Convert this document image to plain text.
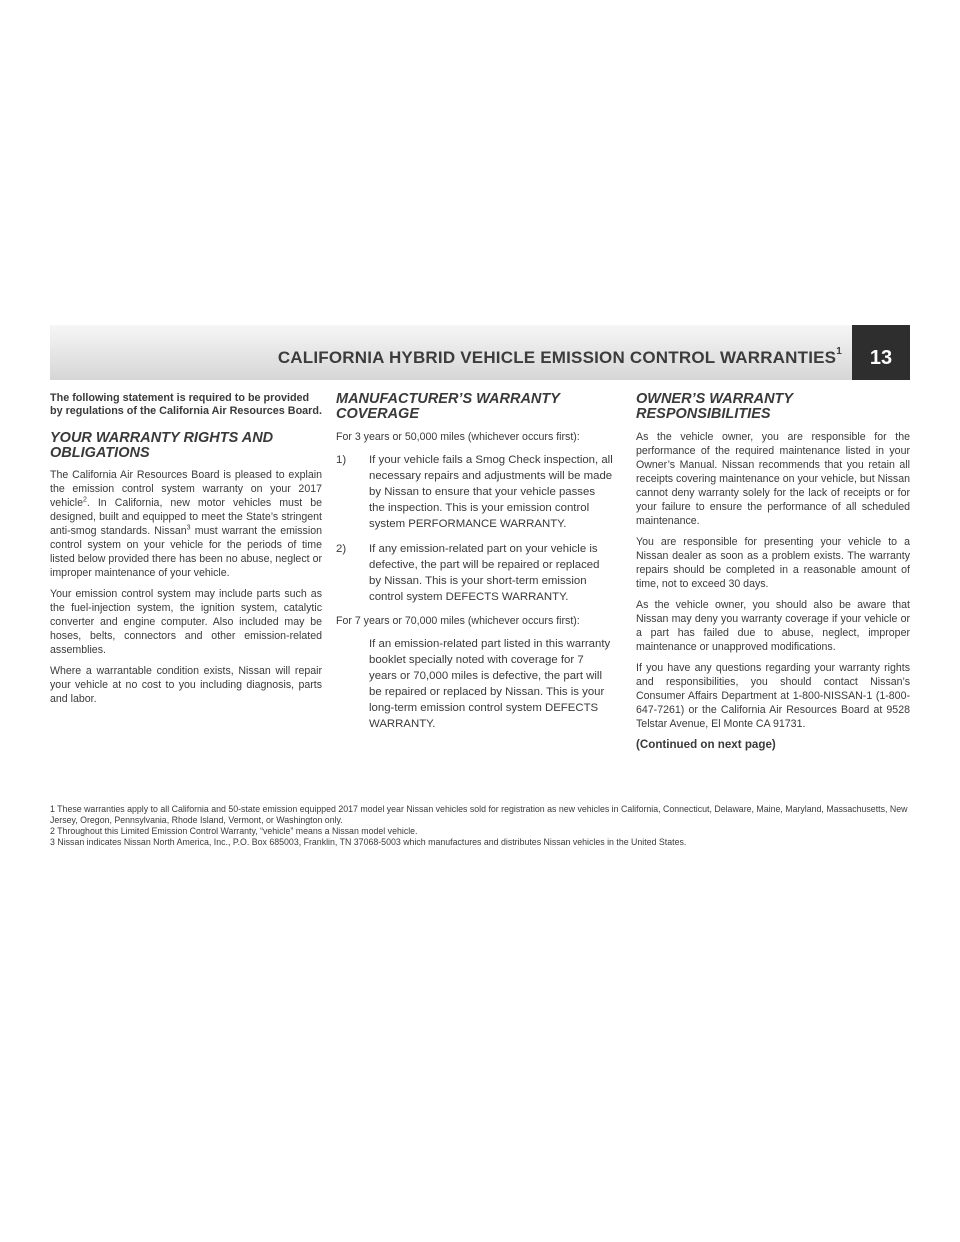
CALIFORNIA HYBRID VEHICLE EMISSION CONTROL WARRANTIES$^1$	13

The following statement is required to be provided by regulations of the California Air Resources Board.

YOUR WARRANTY RIGHTS AND OBLIGATIONS

The California Air Resources Board is pleased to explain the emission control system warranty on your 2017 vehicle$^2$. In California, new motor vehicles must be designed, built and equipped to meet the State’s stringent anti-smog standards. Nissan$^3$ must warrant the emission control system on your vehicle for the periods of time listed below provided there has been no abuse, neglect or improper maintenance of your vehicle.

Your emission control system may include parts such as the fuel-injection system, the ignition system, catalytic converter and engine computer. Also included may be hoses, belts, connectors and other emission-related assemblies.

Where a warrantable condition exists, Nissan will repair your vehicle at no cost to you including diagnosis, parts and labor.

MANUFACTURER’S WARRANTY COVERAGE

For 3 years or 50,000 miles (whichever occurs first):

1)	If your vehicle fails a Smog Check inspection, all necessary repairs and adjustments will be made by Nissan to ensure that your vehicle passes the inspection. This is your emission control system PERFORMANCE WARRANTY.
2)	If any emission-related part on your vehicle is defective, the part will be repaired or replaced by Nissan. This is your short-term emission control system DEFECTS WARRANTY.

For 7 years or 70,000 miles (whichever occurs first):

If an emission-related part listed in this warranty booklet specially noted with coverage for 7 years or 70,000 miles is defective, the part will be repaired or replaced by Nissan. This is your long-term emission control system DEFECTS WARRANTY.
OWNER’S WARRANTY RESPONSIBILITIES

As the vehicle owner, you are responsible for the performance of the required maintenance listed in your Owner’s Manual. Nissan recommends that you retain all receipts covering maintenance on your vehicle, but Nissan cannot deny warranty solely for the lack of receipts or for your failure to ensure the performance of all scheduled maintenance.

You are responsible for presenting your vehicle to a Nissan dealer as soon as a problem exists. The warranty repairs should be completed in a reasonable amount of time, not to exceed 30 days.

As the vehicle owner, you should also be aware that Nissan may deny you warranty coverage if your vehicle or a part has failed due to abuse, neglect, improper maintenance or unapproved modifications.

If you have any questions regarding your warranty rights and responsibilities, you should contact Nissan’s Consumer Affairs Department at 1-800-NISSAN-1 (1-800-647-7261) or the California Air Resources Board at 9528 Telstar Avenue, El Monte CA 91731.

(Continued on next page)

1 These warranties apply to all California and 50-state emission equipped 2017 model year Nissan vehicles sold for registration as new vehicles in California, Connecticut, Delaware, Maine, Maryland, Massachusetts, New Jersey, Oregon, Pennsylvania, Rhode Island, Vermont, or Washington only.
2 Throughout this Limited Emission Control Warranty, “vehicle” means a Nissan model vehicle.
3 Nissan indicates Nissan North America, Inc., P.O. Box 685003, Franklin, TN 37068-5003 which manufactures and distributes Nissan vehicles in the United States.
